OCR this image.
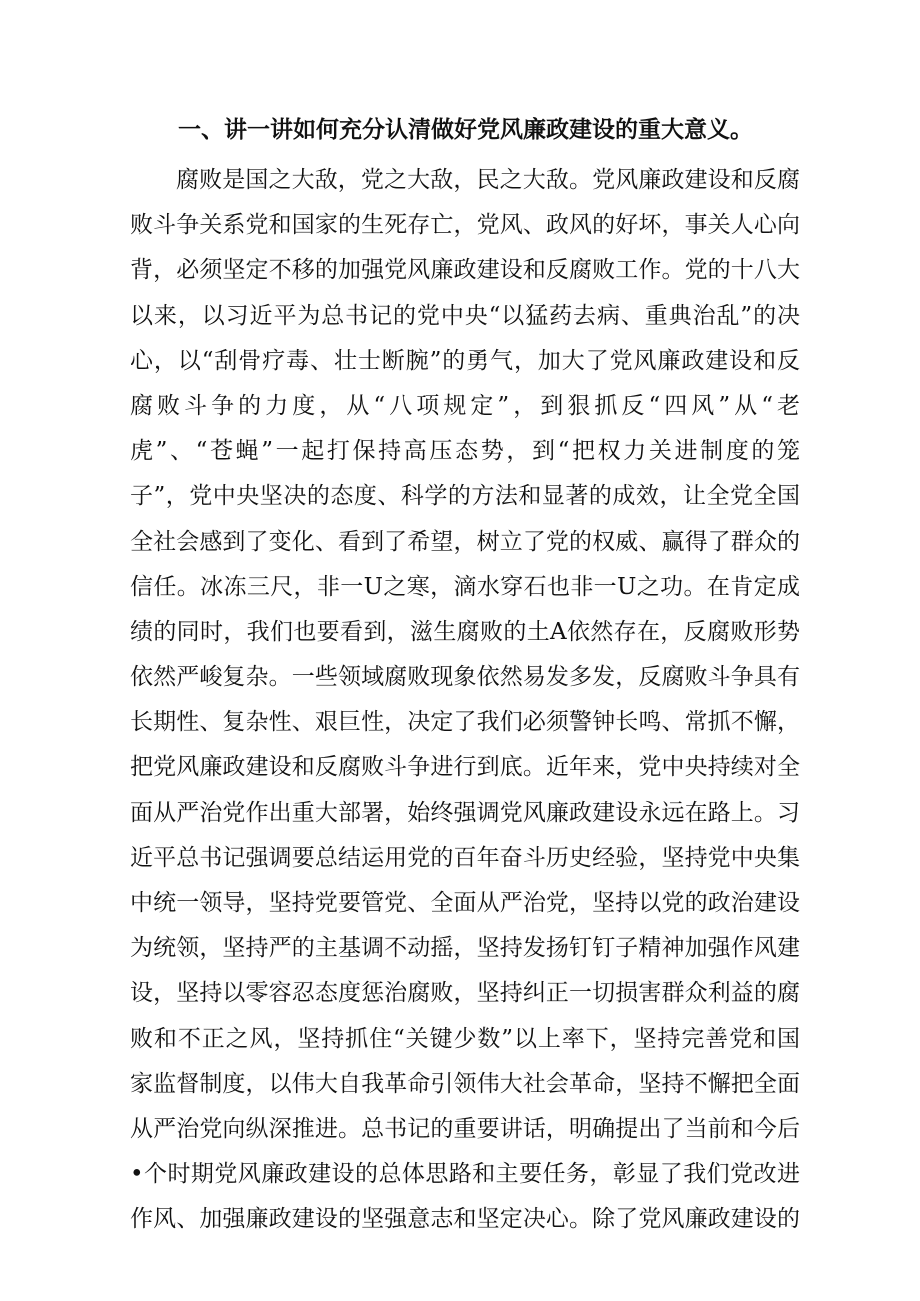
一、讲一讲如何充分认清做好党风廉政建设的重大意义。
腐败是国之大敌，党之大敌，民之大敌。党风廉政建设和反腐
败斗争关系党和国家的生死存亡，党风、政风的好坏，事关人心向
背，必须坚定不移的加强党风廉政建设和反腐败工作。党的十八大
以来，以习近平为总书记的党中央“以猛药去病、重典治乱”的决
心，以“刮骨疗毒、壮士断腕”的勇气，加大了党风廉政建设和反
腐败斗争的力度，从“八项规定”，到狠抓反“四风”从“老
虎”、“苍蝇”一起打保持高压态势，到“把权力关进制度的笼
子”，党中央坚决的态度、科学的方法和显著的成效，让全党全国
全社会感到了变化、看到了希望，树立了党的权威、赢得了群众的
信任。冰冻三尺，非一U之寒，滴水穿石也非一U之功。在肯定成
绩的同时，我们也要看到，滋生腐败的土A依然存在，反腐败形势
依然严峻复杂。一些领域腐败现象依然易发多发，反腐败斗争具有
长期性、复杂性、艰巨性，决定了我们必须警钟长鸣、常抓不懈，
把党风廉政建设和反腐败斗争进行到底。近年来，党中央持续对全
面从严治党作出重大部署，始终强调党风廉政建设永远在路上。习
近平总书记强调要总结运用党的百年奋斗历史经验，坚持党中央集
中统一领导，坚持党要管党、全面从严治党，坚持以党的政治建设
为统领，坚持严的主基调不动摇，坚持发扬钉钉子精神加强作风建
设，坚持以零容忍态度惩治腐败，坚持纠正一切损害群众利益的腐
败和不正之风，坚持抓住“关键少数”以上率下，坚持完善党和国
家监督制度，以伟大自我革命引领伟大社会革命，坚持不懈把全面
从严治党向纵深推进。总书记的重要讲话，明确提出了当前和今后
•个时期党风廉政建设的总体思路和主要任务，彰显了我们党改进
作风、加强廉政建设的坚强意志和坚定决心。除了党风廉政建设的
